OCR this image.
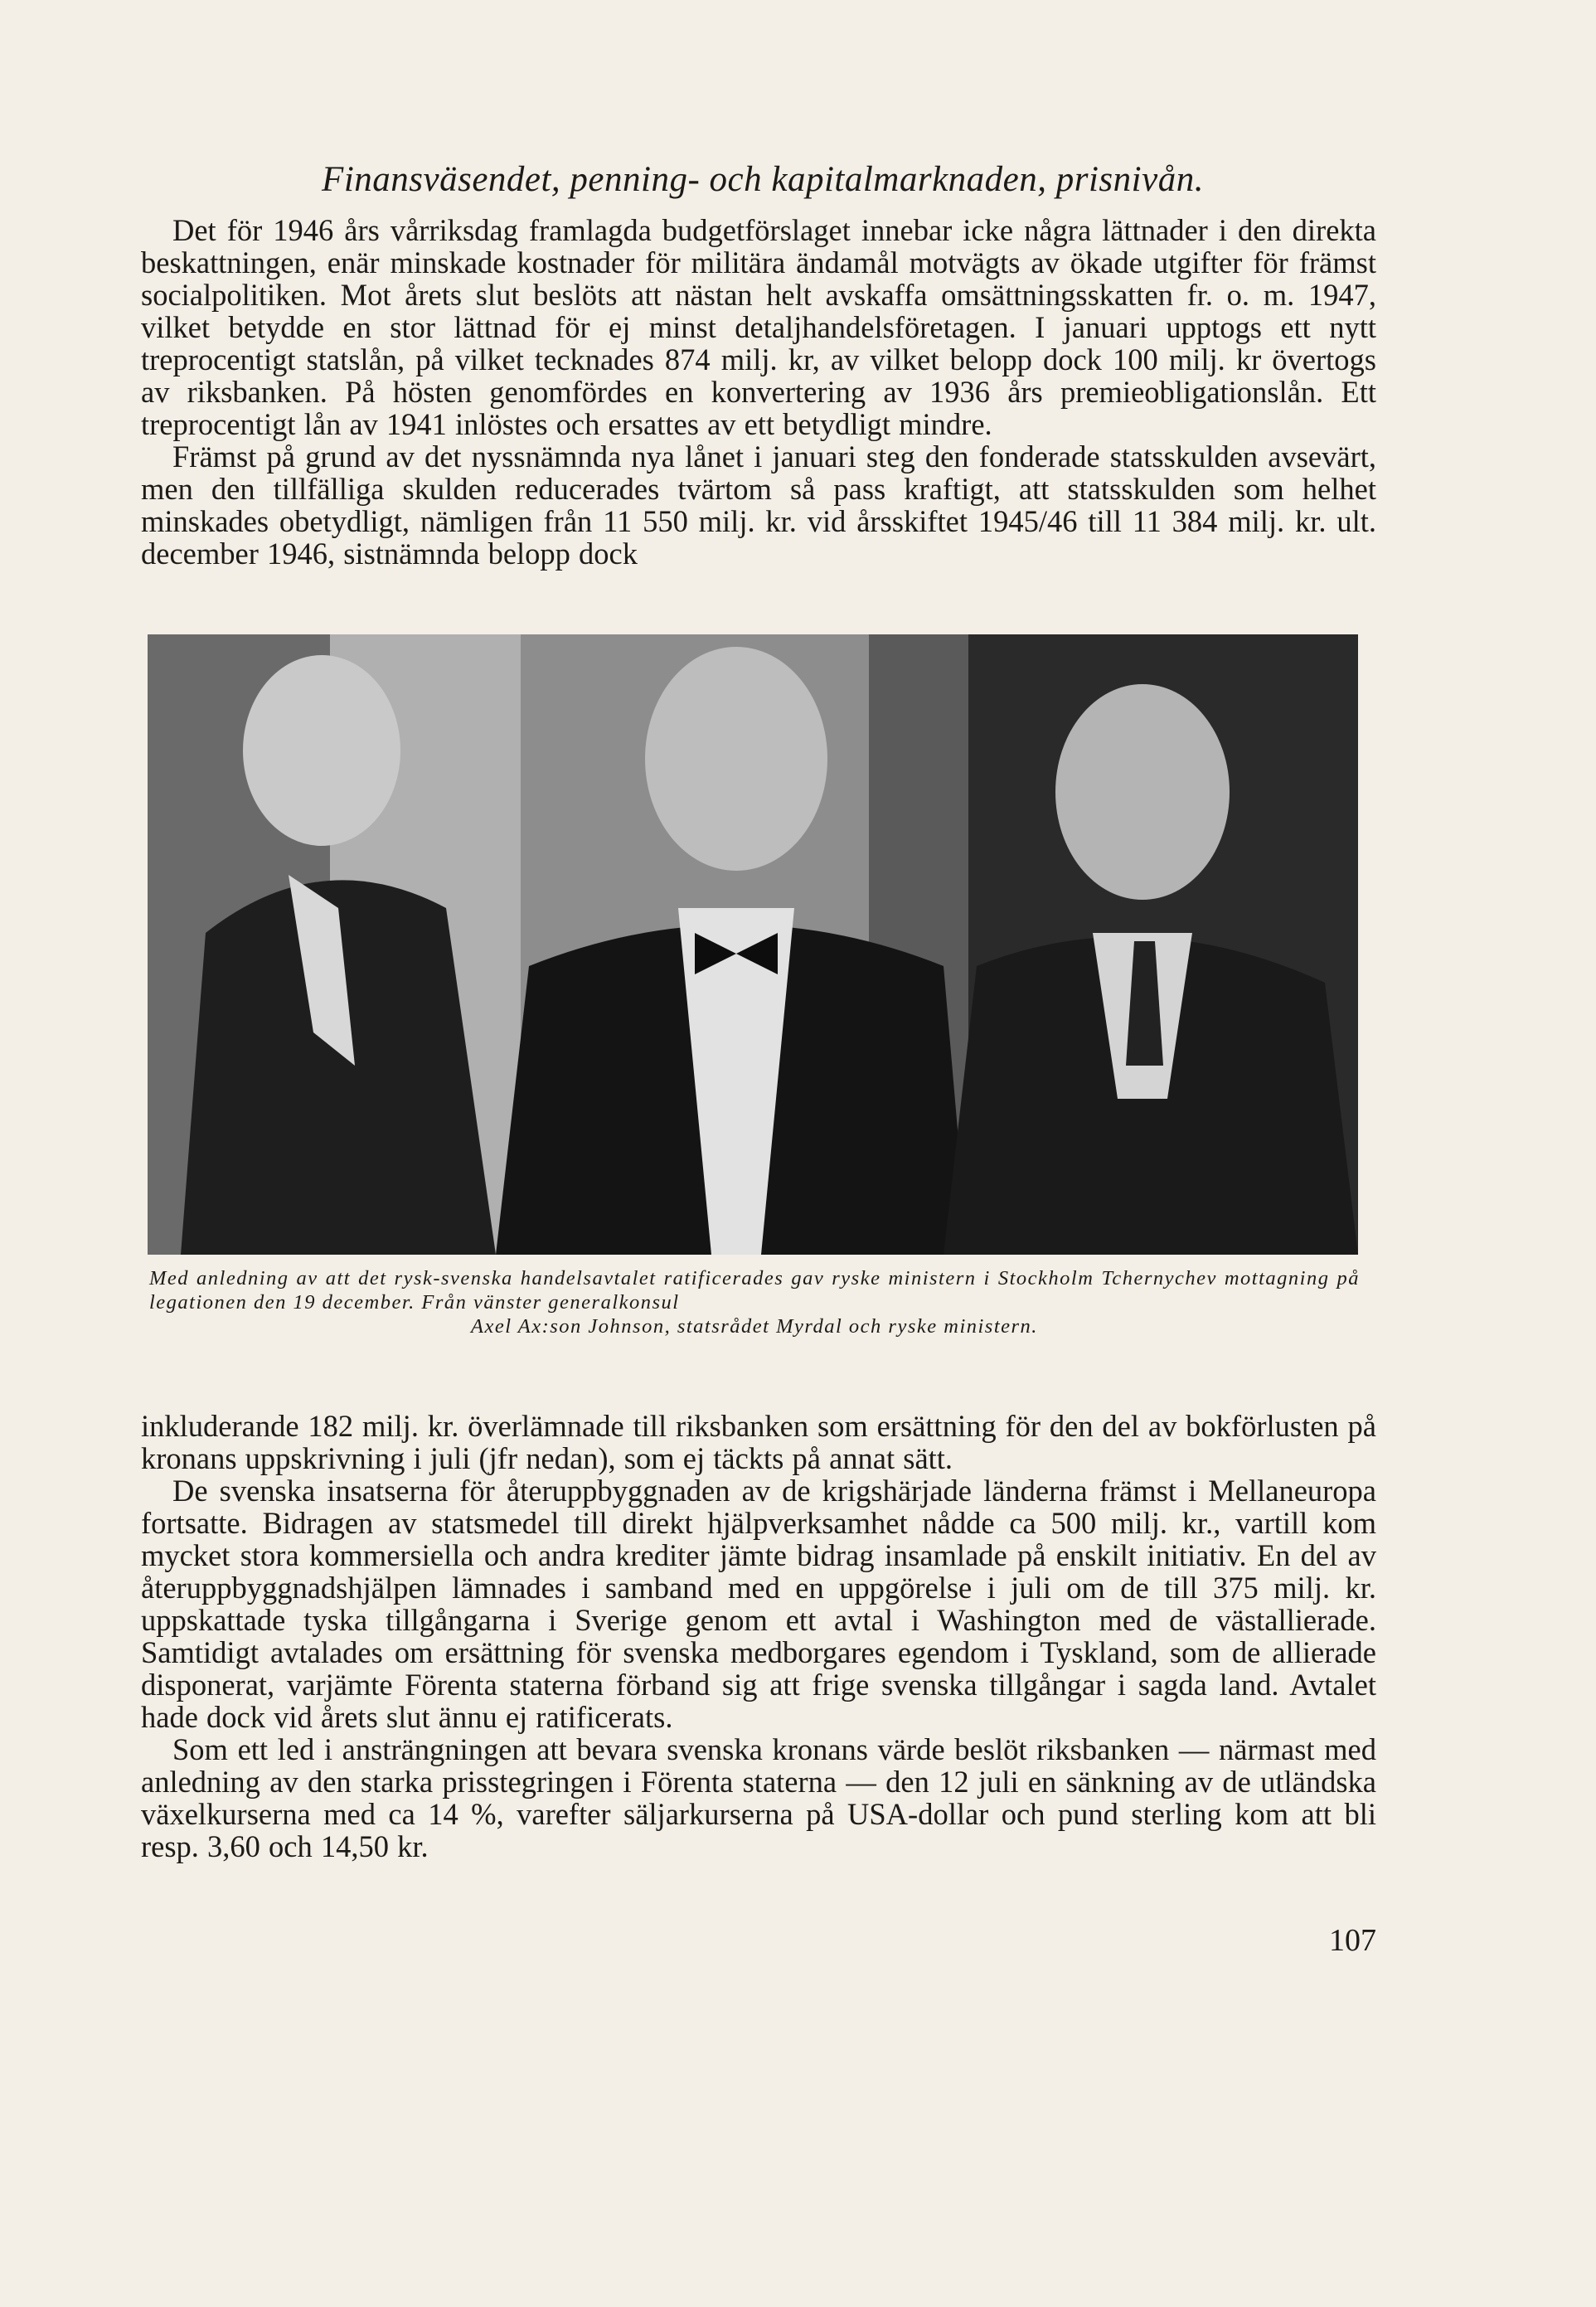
Finansväsendet, penning- och kapitalmarknaden, prisnivån.

Det för 1946 års vårriksdag framlagda budgetförslaget innebar icke några lättnader i den direkta beskattningen, enär minskade kostnader för militära ändamål motvägts av ökade utgifter för främst socialpolitiken. Mot årets slut beslöts att nästan helt avskaffa omsättningsskatten fr. o. m. 1947, vilket betydde en stor lättnad för ej minst detaljhandelsföretagen. I januari upptogs ett nytt treprocentigt statslån, på vilket tecknades 874 milj. kr, av vilket belopp dock 100 milj. kr övertogs av riksbanken. På hösten genomfördes en konvertering av 1936 års premieobligationslån. Ett treprocentigt lån av 1941 inlöstes och ersattes av ett betydligt mindre.

Främst på grund av det nyssnämnda nya lånet i januari steg den fonderade statsskulden avsevärt, men den tillfälliga skulden reducerades tvärtom så pass kraftigt, att statsskulden som helhet minskades obetydligt, nämligen från 11 550 milj. kr. vid årsskiftet 1945/46 till 11 384 milj. kr. ult. december 1946, sistnämnda belopp dock

Med anledning av att det rysk-svenska handelsavtalet ratificerades gav ryske ministern i Stockholm Tchernychev mottagning på legationen den 19 december. Från vänster generalkonsul
Axel Ax:son Johnson, statsrådet Myrdal och ryske ministern.

inkluderande 182 milj. kr. överlämnade till riksbanken som ersättning för den del av bokförlusten på kronans uppskrivning i juli (jfr nedan), som ej täckts på annat sätt.

De svenska insatserna för återuppbyggnaden av de krigshärjade länderna främst i Mellaneuropa fortsatte. Bidragen av statsmedel till direkt hjälpverksamhet nådde ca 500 milj. kr., vartill kom mycket stora kommersiella och andra krediter jämte bidrag insamlade på enskilt initiativ. En del av återuppbyggnadshjälpen lämnades i samband med en uppgörelse i juli om de till 375 milj. kr. uppskattade tyska tillgångarna i Sverige genom ett avtal i Washington med de västallierade. Samtidigt avtalades om ersättning för svenska medborgares egendom i Tyskland, som de allierade disponerat, varjämte Förenta staterna förband sig att frige svenska tillgångar i sagda land. Avtalet hade dock vid årets slut ännu ej ratificerats.

Som ett led i ansträngningen att bevara svenska kronans värde beslöt riksbanken — närmast med anledning av den starka prisstegringen i Förenta staterna — den 12 juli en sänkning av de utländska växelkurserna med ca 14 %, varefter säljarkurserna på USA-dollar och pund sterling kom att bli resp. 3,60 och 14,50 kr.

107
